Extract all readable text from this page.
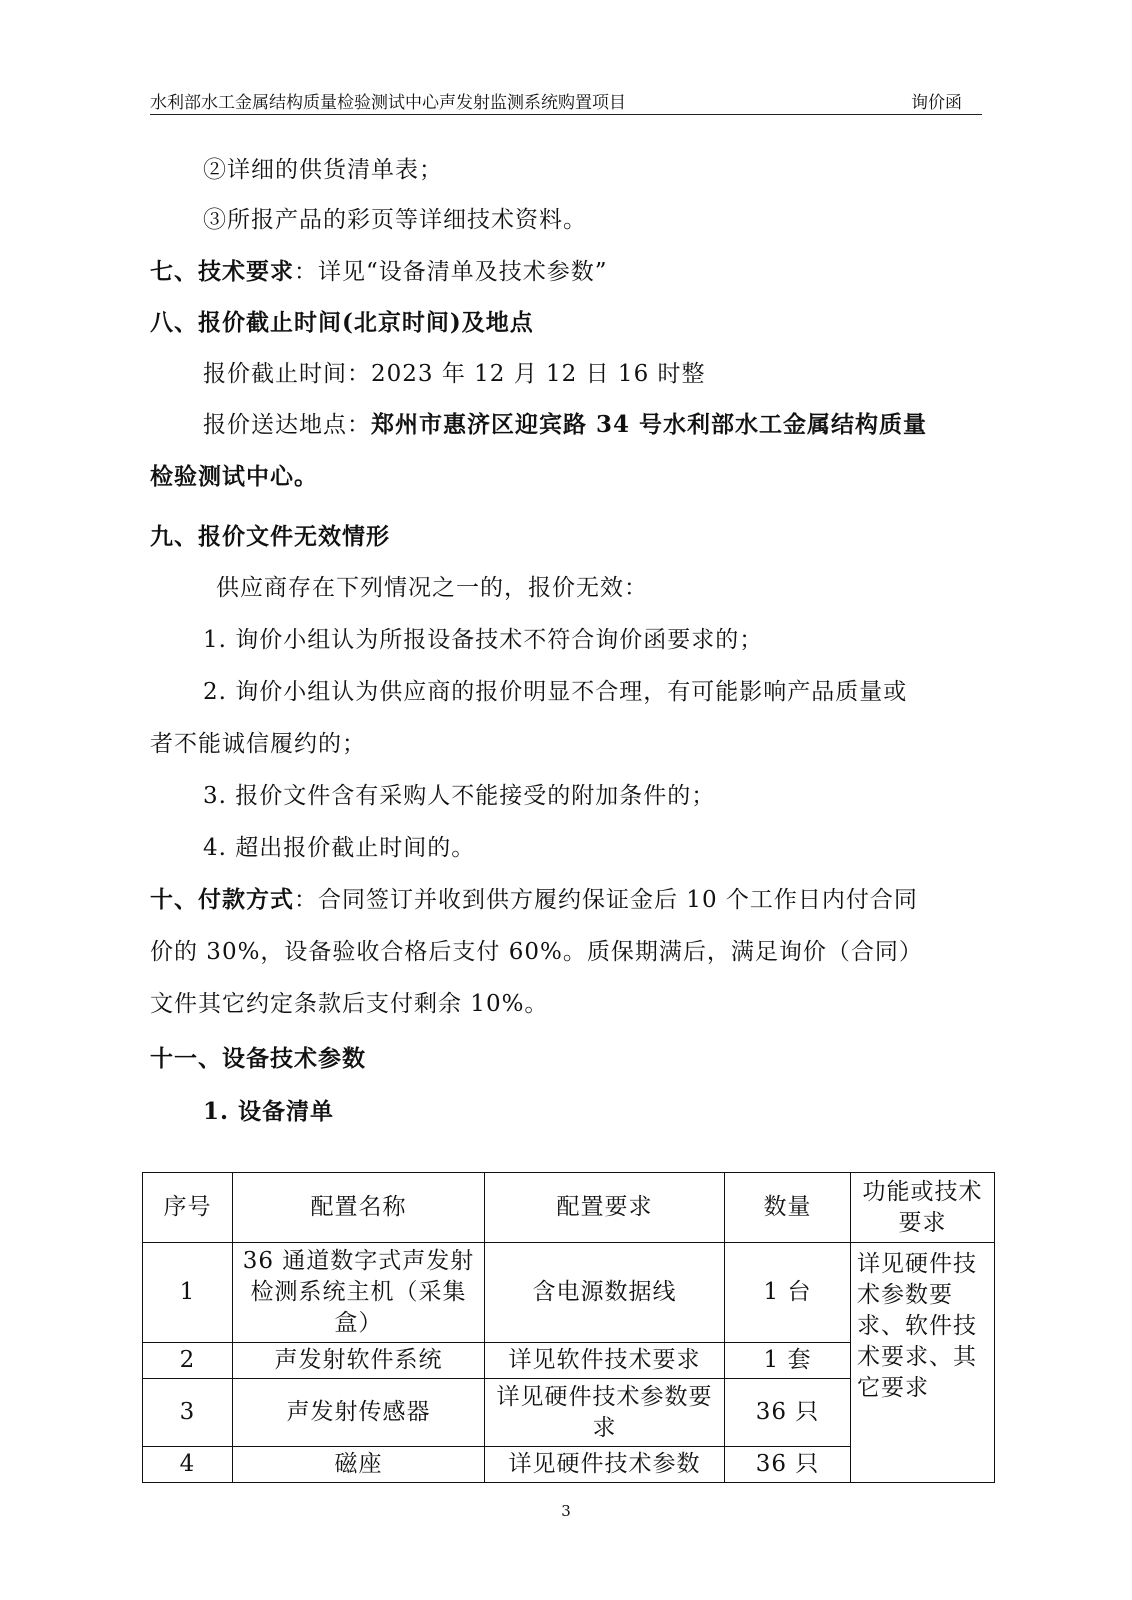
水利部水工金属结构质量检验测试中心声发射监测系统购置项目	询价函
②详细的供货清单表；
③所报产品的彩页等详细技术资料。
七、技术要求：详见“设备清单及技术参数”
八、报价截止时间(北京时间)及地点
报价截止时间：2023 年 12 月 12 日 16 时整
报价送达地点：郑州市惠济区迎宾路 34 号水利部水工金属结构质量
检验测试中心。
九、报价文件无效情形
供应商存在下列情况之一的，报价无效：
1. 询价小组认为所报设备技术不符合询价函要求的；
2. 询价小组认为供应商的报价明显不合理，有可能影响产品质量或
者不能诚信履约的；
3. 报价文件含有采购人不能接受的附加条件的；
4. 超出报价截止时间的。
十、付款方式：合同签订并收到供方履约保证金后 10 个工作日内付合同
价的 30%，设备验收合格后支付 60%。质保期满后，满足询价（合同）
文件其它约定条款后支付剩余 10%。
十一、设备技术参数
1. 设备清单
序号	配置名称	配置要求	数量	功能或技术要求
1	36 通道数字式声发射检测系统主机（采集盒）	含电源数据线	1 台	详见硬件技术参数要求、软件技术要求、其它要求
2	声发射软件系统	详见软件技术要求	1 套	
3	声发射传感器	详见硬件技术参数要求	36 只	
4	磁座	详见硬件技术参数	36 只	
3
